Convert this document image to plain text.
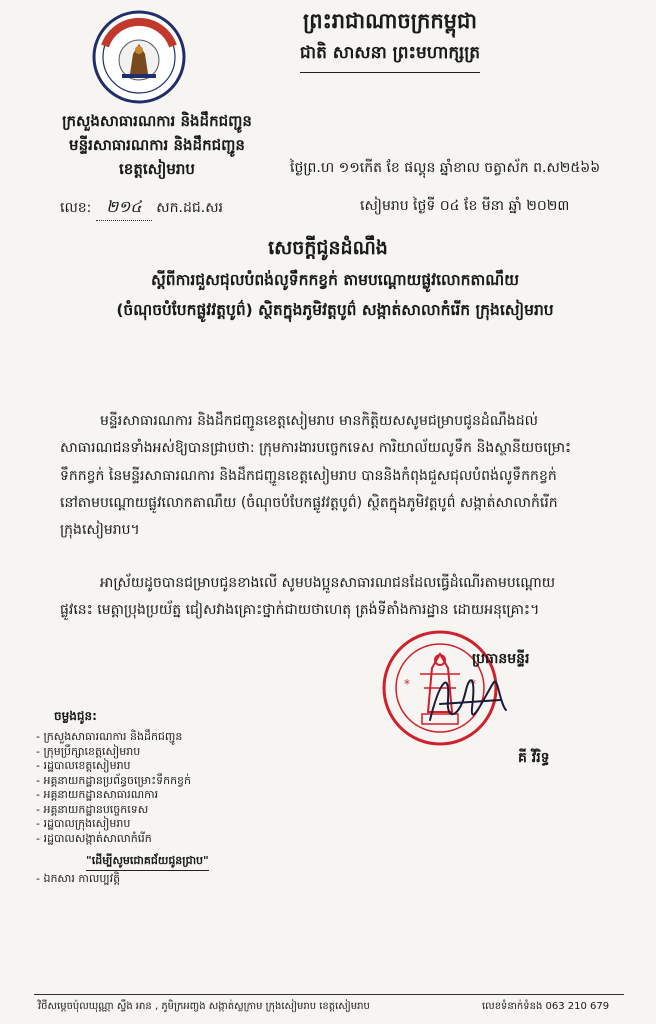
ព្រះរាជាណាចក្រកម្ពុជា
ជាតិ សាសនា ព្រះមហាក្សត្រ
ក្រសួងសាធារណការ និងដឹកជញ្ជូន
មន្ទីរសាធារណការ និងដឹកជញ្ជូន
ខេត្តសៀមរាប	ថ្ងៃព្រ.ហ ១១កើត ខែ ផល្គុន ឆ្នាំខាល ចត្វាស័ក ព.ស២៥៦៦
លេខ: ២១៤ សក.ដជ.សរ	សៀមរាប ថ្ងៃទី ០៤ ខែ មីនា ឆ្នាំ ២០២៣
សេចក្តីជូនដំណឹង
ស្តីពីការជួសជុលបំពង់លូទឹកកខ្វក់ តាមបណ្តោយផ្លូវលោកតាណឹយ
(ចំណុចបំបែកផ្លូវវត្តបូព៌) ស្ថិតក្នុងភូមិវត្តបូព៌ សង្កាត់សាលាកំរើក ក្រុងសៀមរាប
មន្ទីរសាធារណការ និងដឹកជញ្ជូនខេត្តសៀមរាប មានកិត្តិយសសូមជម្រាបជូនដំណឹងដល់
សាធារណជនទាំងអស់ឱ្យបានជ្រាបថា: ក្រុមការងារបច្ចេកទេស ការិយាល័យលូទឹក និងស្ថានីយចម្រោះ
ទឹកកខ្វក់ នៃមន្ទីរសាធារណការ និងដឹកជញ្ជូនខេត្តសៀមរាប បាននិងកំពុងជួសជុលបំពង់លូទឹកកខ្វក់
នៅតាមបណ្តោយផ្លូវលោកតាណឹយ (ចំណុចបំបែកផ្លូវវត្តបូព៌) ស្ថិតក្នុងភូមិវត្តបូព៌ សង្កាត់សាលាកំរើក
ក្រុងសៀមរាប។
អាស្រ័យដូចបានជម្រាបជូនខាងលើ សូមបងប្អូនសាធារណជនដែលធ្វើដំណើរតាមបណ្តោយ
ផ្លូវនេះ មេត្តាប្រុងប្រយ័ត្ន ជៀសវាងគ្រោះថ្នាក់ជាយថាហេតុ ត្រង់ទីតាំងការដ្ឋាន ដោយអនុគ្រោះ។
*	*
ប្រធានមន្ទីរ
គី វិរិទ្ធ
ចម្លងជូន:
- ក្រសួងសាធារណការ និងដឹកជញ្ជូន
- ក្រុមប្រឹក្សាខេត្តសៀមរាប
- រដ្ឋបាលខេត្តសៀមរាប
- អគ្គនាយកដ្ឋានប្រព័ន្ធចម្រោះទឹកកខ្វក់
- អគ្គនាយកដ្ឋានសាធារណការ
- អគ្គនាយកដ្ឋានបច្ចេកទេស
- រដ្ឋបាលក្រុងសៀមរាប
- រដ្ឋបាលសង្កាត់សាលាកំរើក
"ដើម្បីសូមជោគជ័យជូនជ្រាប"
- ឯកសារ កាលប្បវត្តិ
វិថីសម្តេចប៉ុលឃុណ្ណា ស្ទឹង អាន , ភូមិក្រអញ្ចង សង្កាត់ស្លក្រាម ក្រុងសៀមរាប ខេត្តសៀមរាប	លេខទំនាក់ទំនង 063 210 679
